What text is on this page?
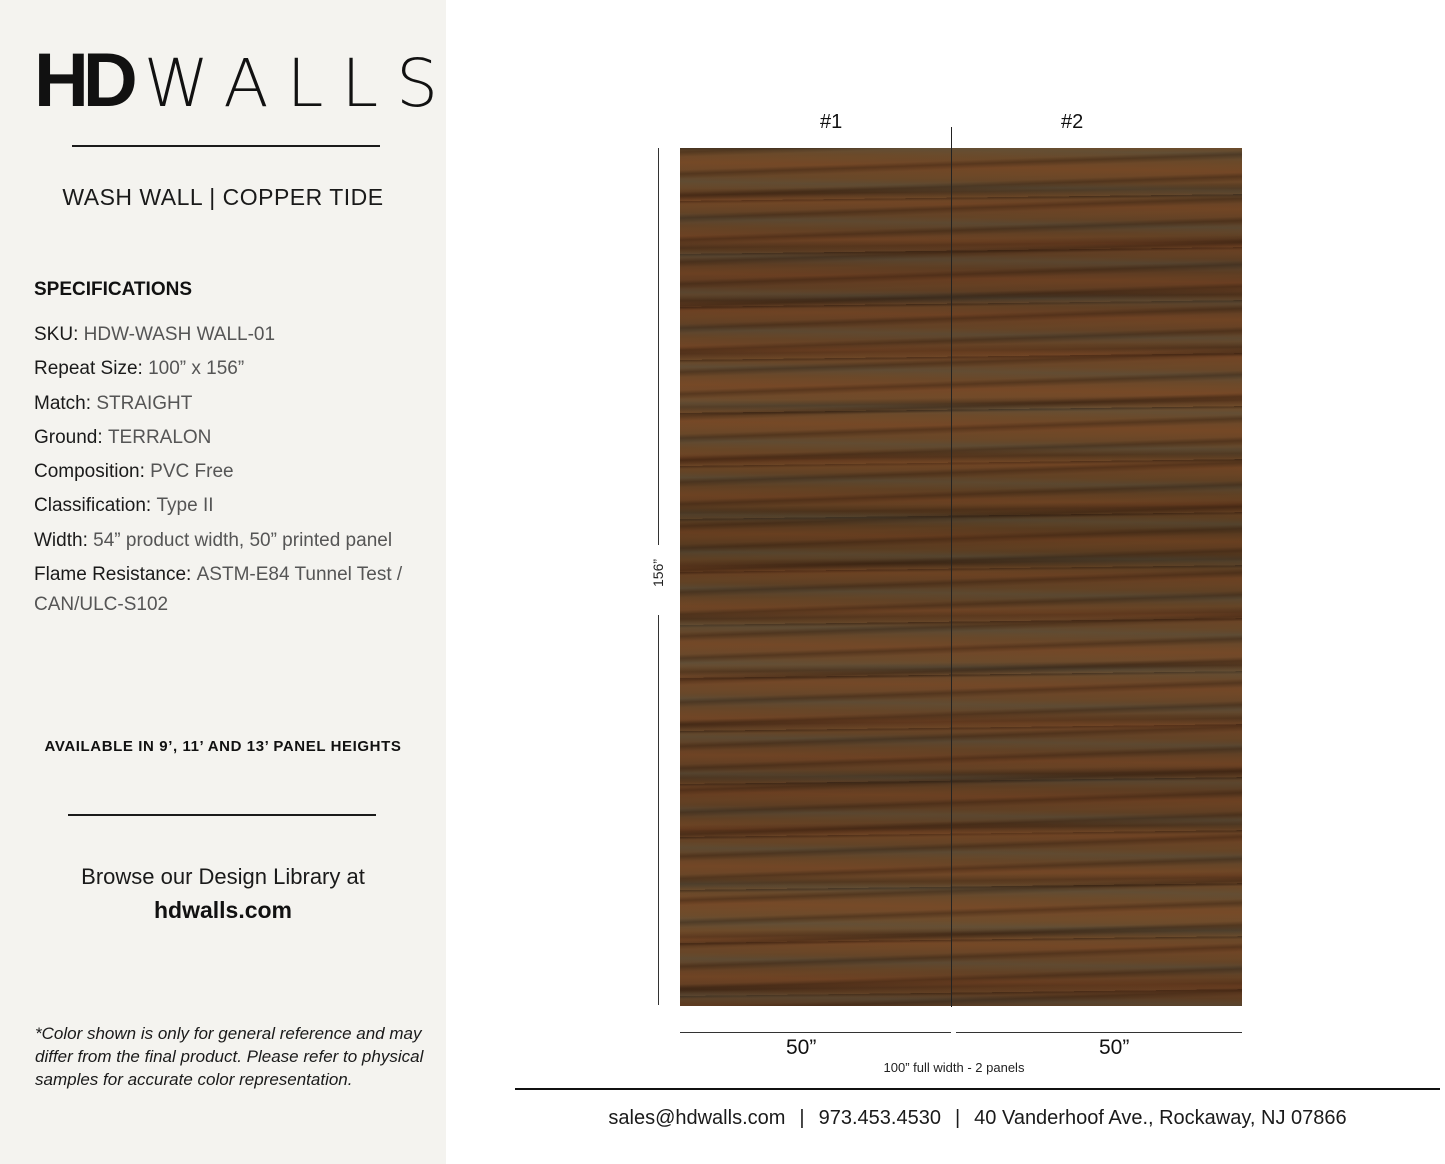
HD WALLS
WASH WALL | COPPER TIDE
SPECIFICATIONS
SKU: HDW-WASH WALL-01
Repeat Size: 100” x 156”
Match: STRAIGHT
Ground: TERRALON
Composition: PVC Free
Classification: Type II
Width: 54” product width, 50” printed panel
Flame Resistance: ASTM-E84 Tunnel Test / CAN/ULC-S102
AVAILABLE IN 9’, 11’ AND 13’ PANEL HEIGHTS
Browse our Design Library at
hdwalls.com
*Color shown is only for general reference and may differ from the final product. Please refer to physical samples for accurate color representation.
#1	#2
156”
50”	50”
100” full width - 2 panels
sales@hdwalls.com | 973.453.4530 | 40 Vanderhoof Ave., Rockaway, NJ 07866
